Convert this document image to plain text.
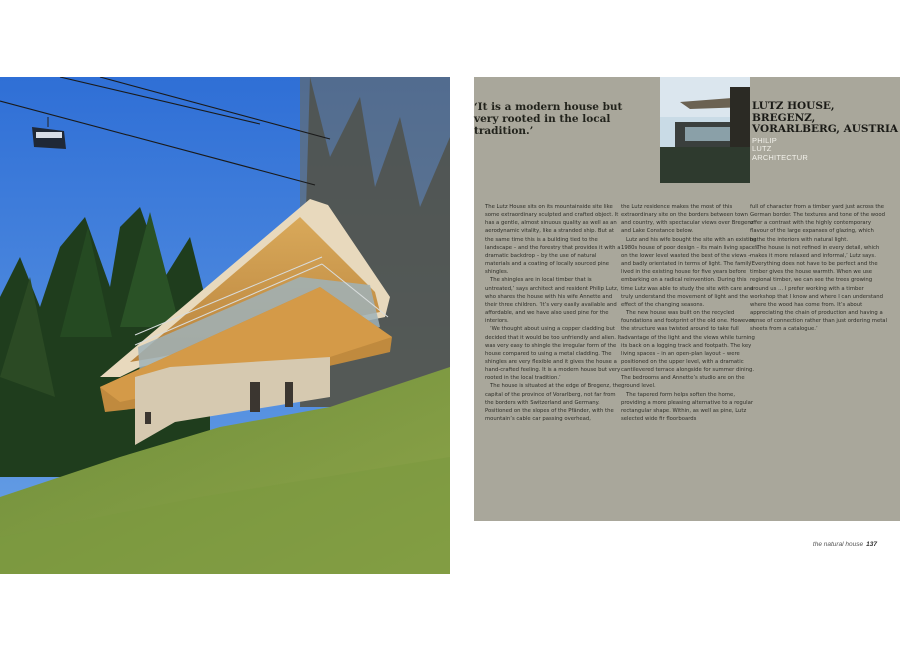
‘It is a modern house but very rooted in the local tradition.’
LUTZ HOUSE, BREGENZ, VORARLBERG, AUSTRIA
PHILIP
LUTZ
ARCHITECTUR

The Lutz House sits on its mountainside site like some extraordinary sculpted and crafted object. It has a gentle, almost sinuous quality as well as an aerodynamic vitality, like a stranded ship. But at the same time this is a building tied to the landscape – and the forestry that provides it with a dramatic backdrop – by the use of natural materials and a coating of locally sourced pine shingles.

The shingles are in local timber that is untreated,’ says architect and resident Philip Lutz, who shares the house with his wife Annette and their three children. ‘It’s very easily available and affordable, and we have also used pine for the interiors.

‘We thought about using a copper cladding but decided that it would be too unfriendly and alien. It was very easy to shingle the irregular form of the house compared to using a metal cladding. The shingles are very flexible and it gives the house a hand-crafted feeling. It is a modern house but very rooted in the local tradition.’

The house is situated at the edge of Bregenz, the capital of the province of Vorarlberg, not far from the borders with Switzerland and Germany. Positioned on the slopes of the Pfänder, with the mountain’s cable car passing overhead,

the Lutz residence makes the most of this extraordinary site on the borders between town and country, with spectacular views over Bregenz and Lake Constance below.

Lutz and his wife bought the site with an existing 1980s house of poor design – its main living spaces on the lower level wasted the best of the views – and badly orientated in terms of light. The family lived in the existing house for five years before embarking on a radical reinvention. During this time Lutz was able to study the site with care and truly understand the movement of light and the effect of the changing seasons.

The new house was built on the recycled foundations and footprint of the old one. However, the structure was twisted around to take full advantage of the light and the views while turning its back on a logging track and footpath. The key living spaces – in an open-plan layout – were positioned on the upper level, with a dramatic cantilevered terrace alongside for summer dining. The bedrooms and Annette’s studio are on the ground level.

The tapered form helps soften the home, providing a more pleasing alternative to a regular rectangular shape. Within, as well as pine, Lutz selected wide fir floorboards

full of character from a timber yard just across the German border. The textures and tone of the wood offer a contrast with the highly contemporary flavour of the large expanses of glazing, which bathe the interiors with natural light.

‘The house is not refined in every detail, which makes it more relaxed and informal,’ Lutz says. ‘Everything does not have to be perfect and the timber gives the house warmth. When we use regional timber, we can see the trees growing around us ... I prefer working with a timber workshop that I know and where I can understand where the wood has come from. It’s about appreciating the chain of production and having a sense of connection rather than just ordering metal sheets from a catalogue.’

the natural house 137
